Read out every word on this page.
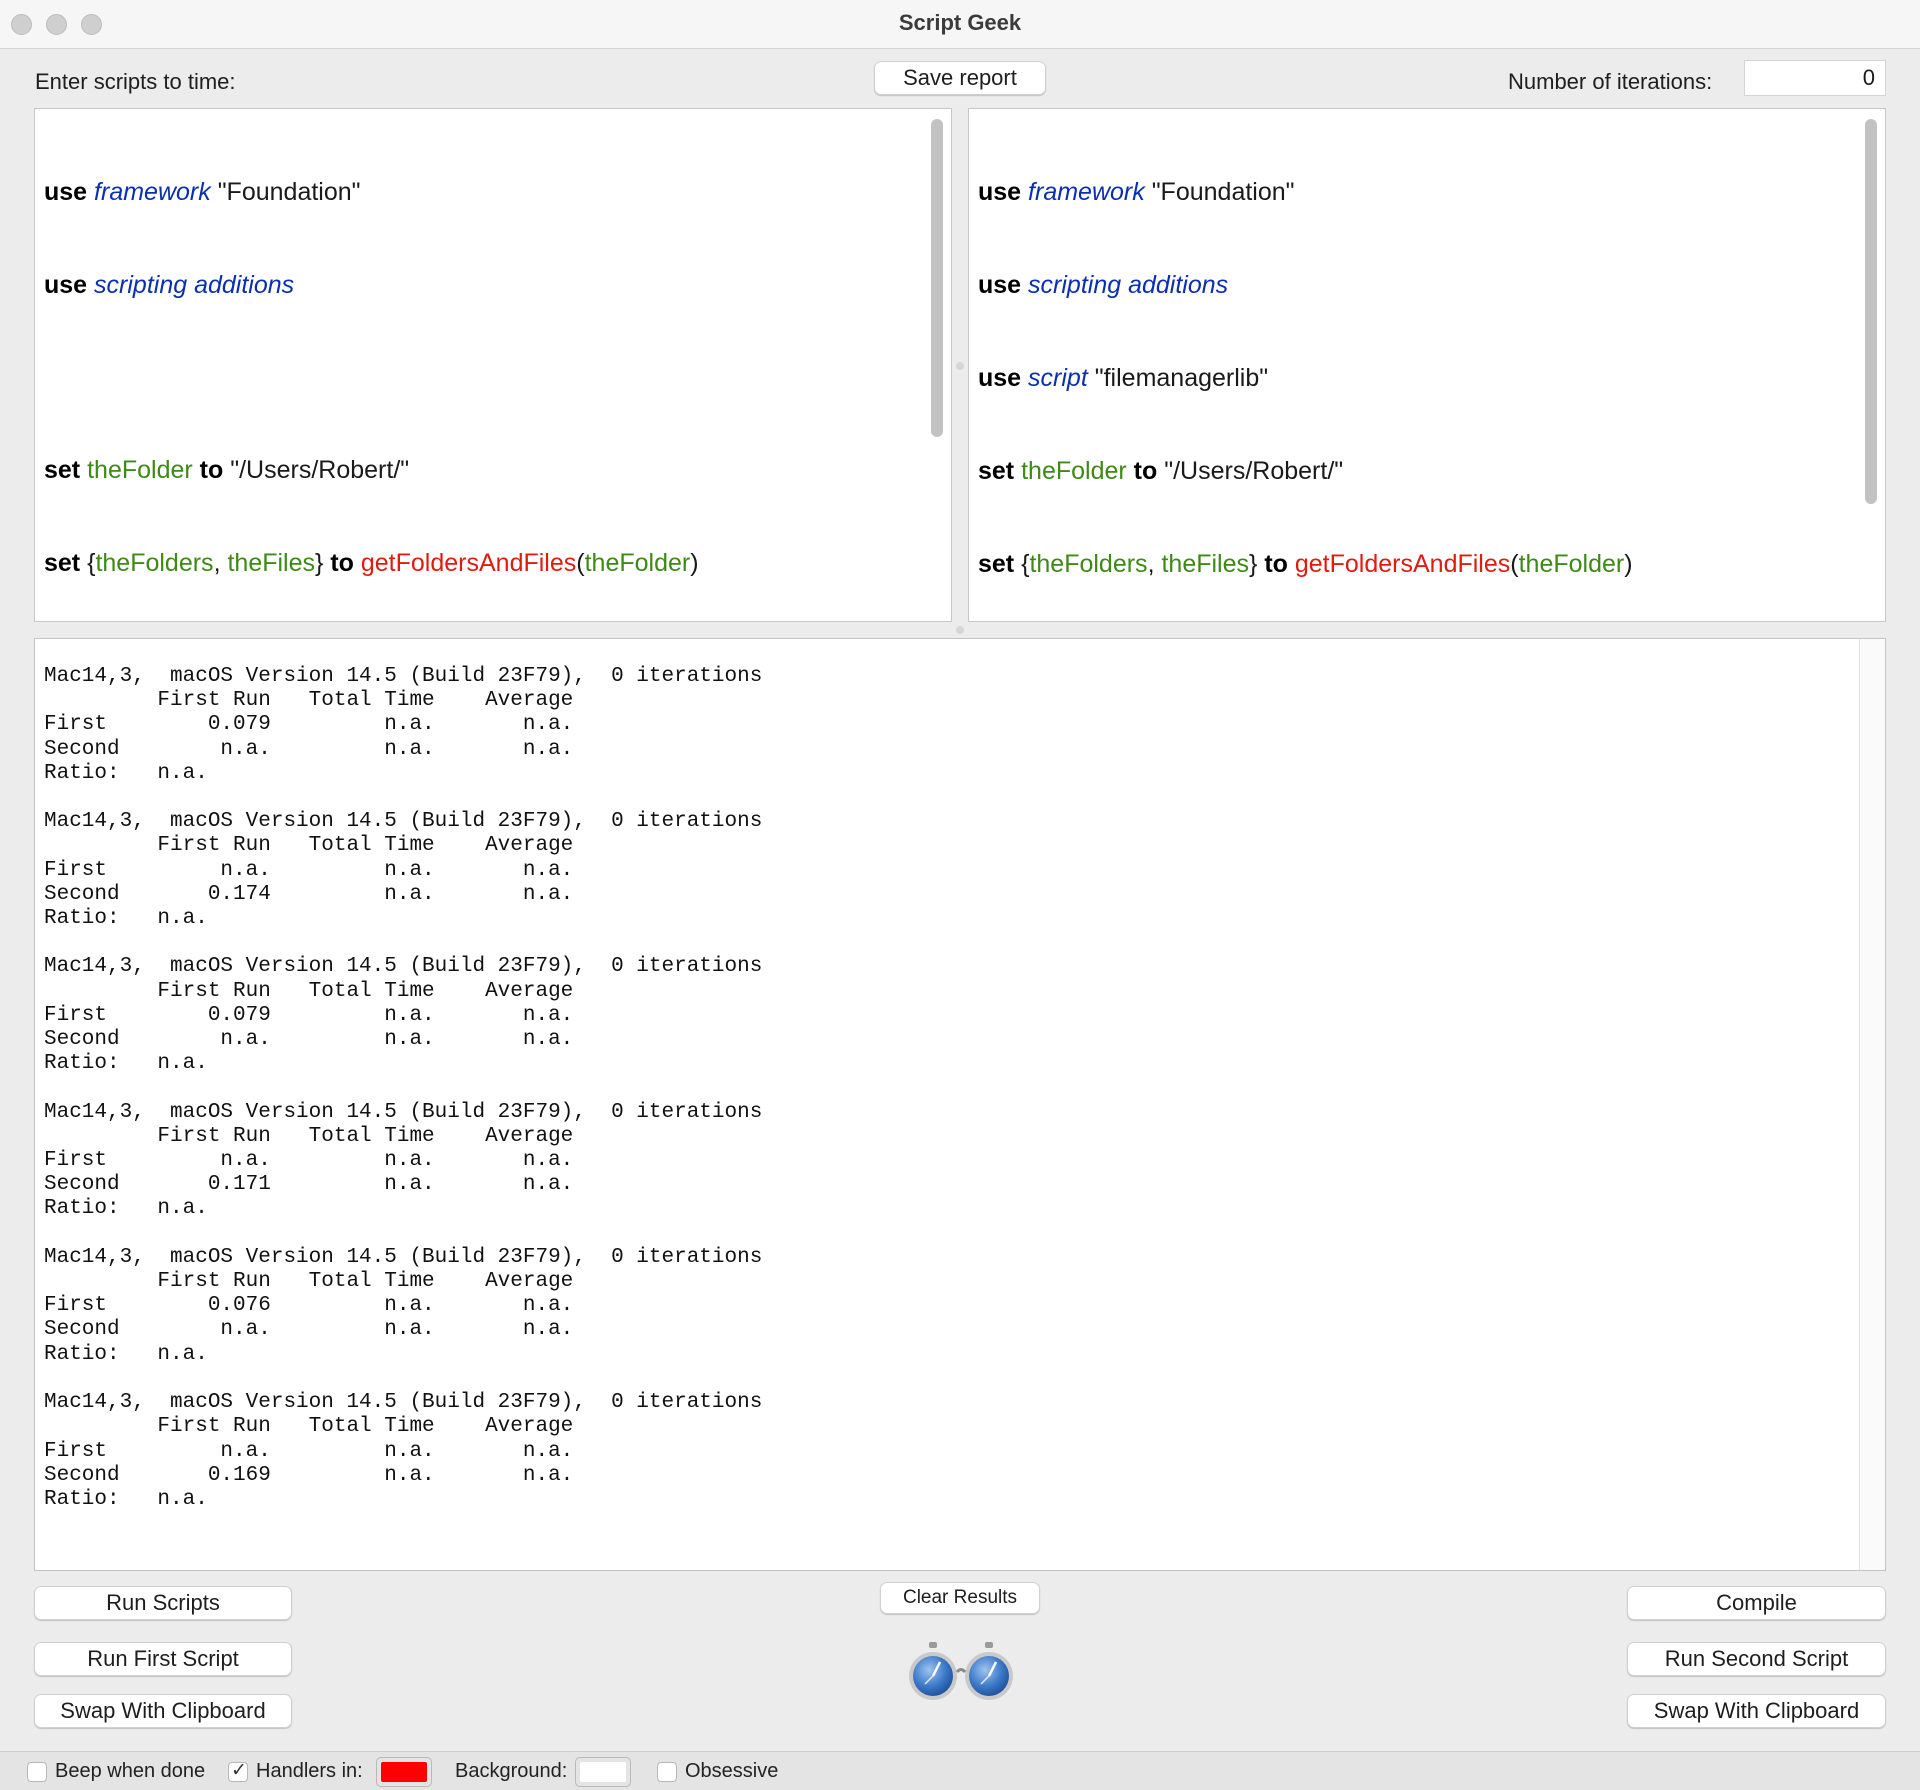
Script Geek
Enter scripts to time:	Save report	Number of iterations:	0

use framework "Foundation"

use scripting additions

set theFolder to "/Users/Robert/"

set {theFolders, theFiles} to getFoldersAndFiles(theFolder)

use framework "Foundation"

use scripting additions

use script "filemanagerlib"

set theFolder to "/Users/Robert/"

set {theFolders, theFiles} to getFoldersAndFiles(theFolder)

Mac14,3,  macOS Version 14.5 (Build 23F79),  0 iterations
First Run   Total Time    Average
First        0.079         n.a.       n.a.
Second        n.a.         n.a.       n.a.
Ratio:   n.a.

Mac14,3,  macOS Version 14.5 (Build 23F79),  0 iterations
First Run   Total Time    Average
First         n.a.         n.a.       n.a.
Second       0.174         n.a.       n.a.
Ratio:   n.a.

Mac14,3,  macOS Version 14.5 (Build 23F79),  0 iterations
First Run   Total Time    Average
First        0.079         n.a.       n.a.
Second        n.a.         n.a.       n.a.
Ratio:   n.a.

Mac14,3,  macOS Version 14.5 (Build 23F79),  0 iterations
First Run   Total Time    Average
First         n.a.         n.a.       n.a.
Second       0.171         n.a.       n.a.
Ratio:   n.a.

Mac14,3,  macOS Version 14.5 (Build 23F79),  0 iterations
First Run   Total Time    Average
First        0.076         n.a.       n.a.
Second        n.a.         n.a.       n.a.
Ratio:   n.a.

Mac14,3,  macOS Version 14.5 (Build 23F79),  0 iterations
First Run   Total Time    Average
First         n.a.         n.a.       n.a.
Second       0.169         n.a.       n.a.
Ratio:   n.a.
Run Scripts	Clear Results	Compile
Run First Script	Run Second Script
Swap With Clipboard	Swap With Clipboard
Beep when done
✓	Handlers in:	Background:	Obsessive
